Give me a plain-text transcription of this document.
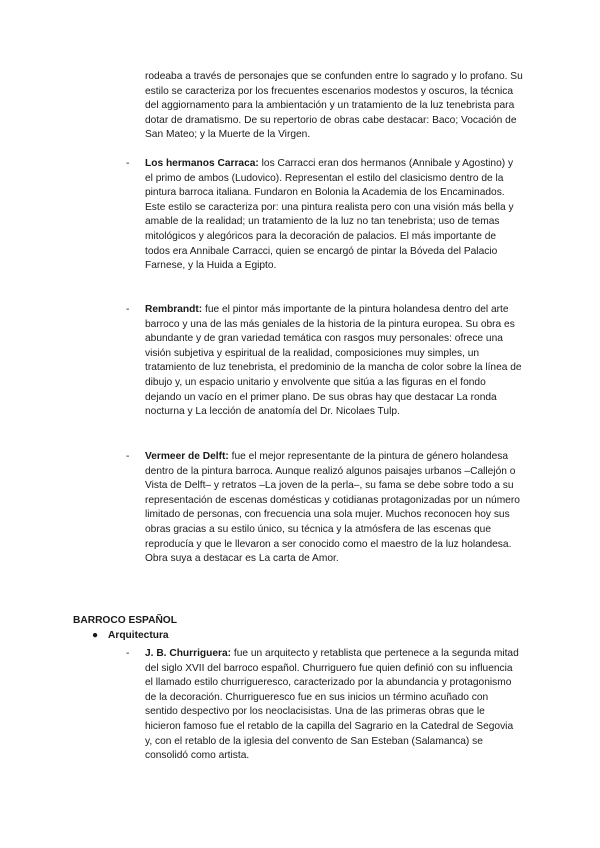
rodeaba a través de personajes que se confunden entre lo sagrado y lo profano. Su estilo se caracteriza por los frecuentes escenarios modestos y oscuros, la técnica del aggiornamento para la ambientación y un tratamiento de la luz tenebrista para dotar de dramatismo. De su repertorio de obras cabe destacar: Baco; Vocación de San Mateo; y la Muerte de la Virgen.

- Los hermanos Carraca: los Carracci eran dos hermanos (Annibale y Agostino) y el primo de ambos (Ludovico). Representan el estilo del clasicismo dentro de la pintura barroca italiana. Fundaron en Bolonia la Academia de los Encaminados. Este estilo se caracteriza por: una pintura realista pero con una visión más bella y amable de la realidad; un tratamiento de la luz no tan tenebrista; uso de temas mitológicos y alegóricos para la decoración de palacios. El más importante de todos era Annibale Carracci, quien se encargó de pintar la Bóveda del Palacio Farnese, y la Huida a Egipto.

- Rembrandt: fue el pintor más importante de la pintura holandesa dentro del arte barroco y una de las más geniales de la historia de la pintura europea. Su obra es abundante y de gran variedad temática con rasgos muy personales: ofrece una visión subjetiva y espiritual de la realidad, composiciones muy simples, un tratamiento de luz tenebrista, el predominio de la mancha de color sobre la línea de dibujo y, un espacio unitario y envolvente que sitúa a las figuras en el fondo dejando un vacío en el primer plano. De sus obras hay que destacar La ronda nocturna y La lección de anatomía del Dr. Nicolaes Tulp.

- Vermeer de Delft: fue el mejor representante de la pintura de género holandesa dentro de la pintura barroca. Aunque realizó algunos paisajes urbanos –Callejón o Vista de Delft– y retratos –La joven de la perla–, su fama se debe sobre todo a su representación de escenas domésticas y cotidianas protagonizadas por un número limitado de personas, con frecuencia una sola mujer. Muchos reconocen hoy sus obras gracias a su estilo único, su técnica y la atmósfera de las escenas que reproducía y que le llevaron a ser conocido como el maestro de la luz holandesa. Obra suya a destacar es La carta de Amor.

BARROCO ESPAÑOL

● Arquitectura

- J. B. Churriguera: fue un arquitecto y retablista que pertenece a la segunda mitad del siglo XVII del barroco español. Churriguero fue quien definió con su influencia el llamado estilo churrigueresco, caracterizado por la abundancia y protagonismo de la decoración. Churrigueresco fue en sus inicios un término acuñado con sentido despectivo por los neoclacisistas. Una de las primeras obras que le hicieron famoso fue el retablo de la capilla del Sagrario en la Catedral de Segovia y, con el retablo de la iglesia del convento de San Esteban (Salamanca) se consolidó como artista.
